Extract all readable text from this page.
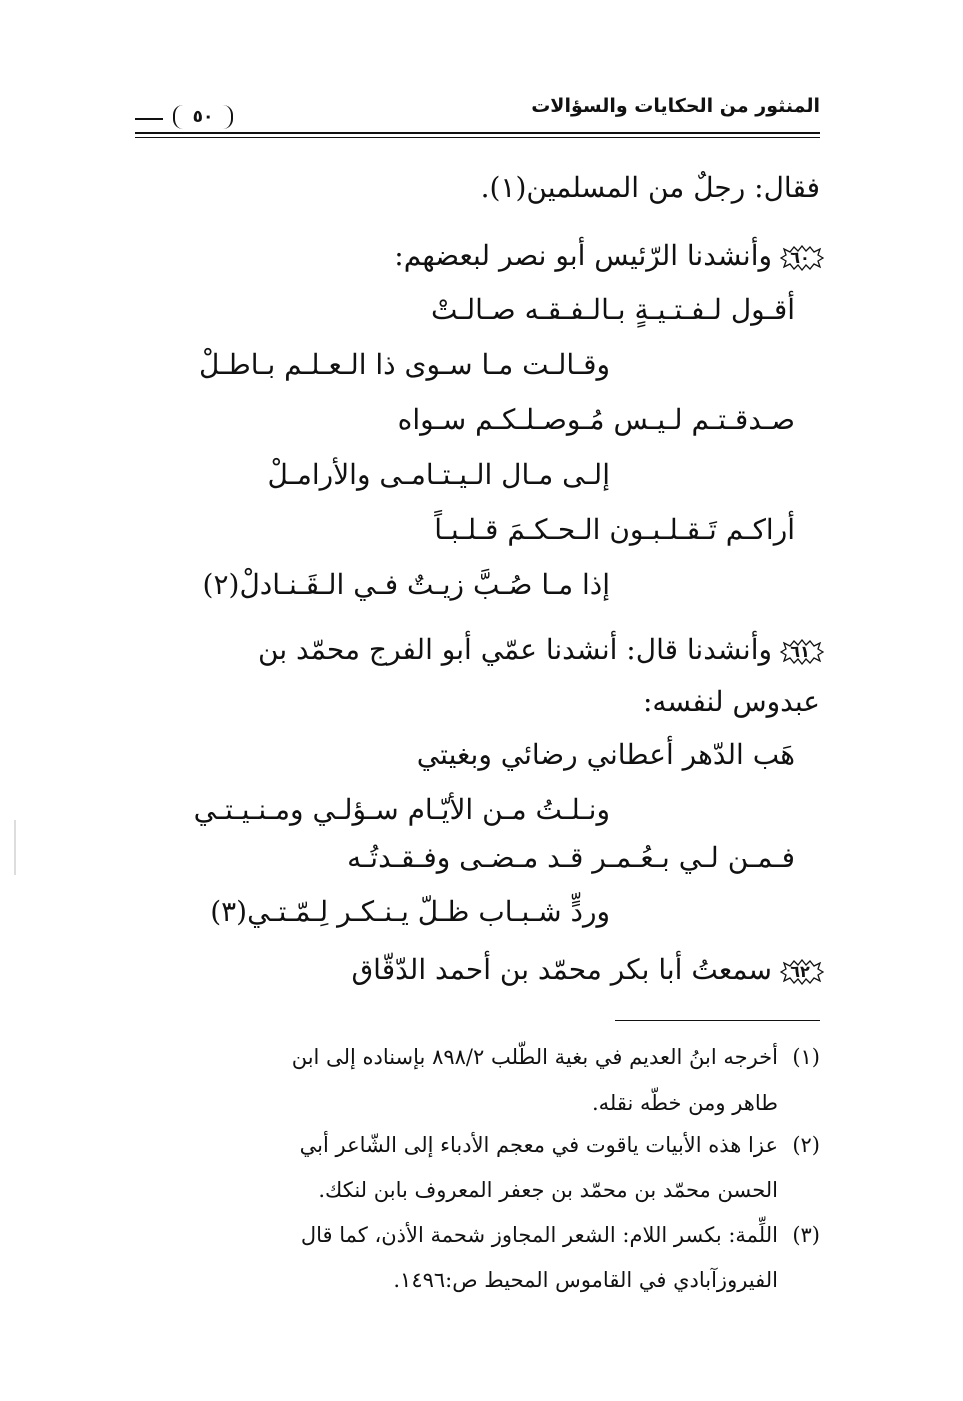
المنثور من الحكايات والسؤالات
٥٠
فقال: رجلٌ من المسلمين(١).
٦٠وأنشدنا الرّئيس أبو نصر لبعضهم:
أقـول لـفـتـيـةٍ بـالـفـقـه صـالـتْ
وقـالـت مـا سـوى ذا الـعـلـم بـاطـلْ
صـدقـتـم لـيـس مُـوصـلـكـم سـواه
إلـى مـال الـيـتـامـى والأرامـلْ
أراكـم تَـقـلـبـون الـحـكـمَ قـلـبـاً
إذا مـا صُـبَّ زيـتٌ فـي الـقَـنـادلْ(٢)
٦١وأنشدنا قال: أنشدنا عمّي أبو الفرج محمّد بن
عبدوس لنفسه:
هَب الدّهر أعطاني رضائي وبغيتي
ونـلـتُ مـن الأيّـام سـؤلـي ومـنـيـتـي
فـمـن لـي بـعُـمـر قـد مـضـى وفـقـدتُـه
وردٍّ شـبـاب ظـلّ يـنـكـر لِـمّـتـي(٣)
٦٢سمعتُ أبا بكر محمّد بن أحمد الدّقّاق
(١)
أخرجه ابنُ العديم في بغية الطّلب ٨٩٨/٢ بإسناده إلى ابن
طاهر ومن خطّه نقله.
(٢)
عزا هذه الأبيات ياقوت في معجم الأدباء إلى الشّاعر أبي
الحسن محمّد بن محمّد بن جعفر المعروف بابن لنكك.
(٣)
اللِّمة: بكسر اللام: الشعر المجاوز شحمة الأذن، كما قال
الفيروزآبادي في القاموس المحيط ص:١٤٩٦.
